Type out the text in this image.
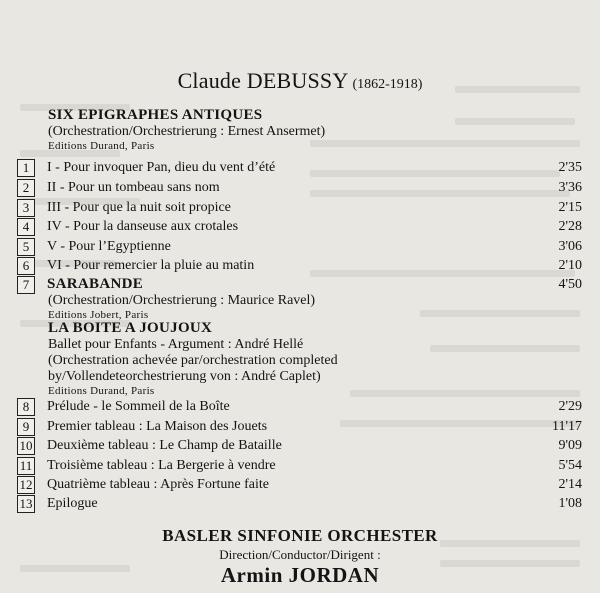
Claude DEBUSSY (1862-1918)
SIX EPIGRAPHES ANTIQUES
(Orchestration/Orchestrierung : Ernest Ansermet)
Editions Durand, Paris
1	I - Pour invoquer Pan, dieu du vent d’été	2'35
2	II - Pour un tombeau sans nom	3'36
3	III - Pour que la nuit soit propice	2'15
4	IV - Pour la danseuse aux crotales	2'28
5	V - Pour l’Egyptienne	3'06
6	VI - Pour remercier la pluie au matin	2'10
7	SARABANDE	4'50
(Orchestration/Orchestrierung : Maurice Ravel)
Editions Jobert, Paris
LA BOITE A JOUJOUX
Ballet pour Enfants - Argument : André Hellé
(Orchestration achevée par/orchestration completed
by/Vollendeteorchestrierung von : André Caplet)
Editions Durand, Paris
8	Prélude - le Sommeil de la Boîte	2'29
9	Premier tableau : La Maison des Jouets	11'17
10 Deuxième tableau : Le Champ de Bataille	9'09
11 Troisième tableau : La Bergerie à vendre	5'54
12 Quatrième tableau : Après Fortune faite	2'14
13 Epilogue	1'08
BASLER SINFONIE ORCHESTER
Direction/Conductor/Dirigent :
Armin JORDAN
